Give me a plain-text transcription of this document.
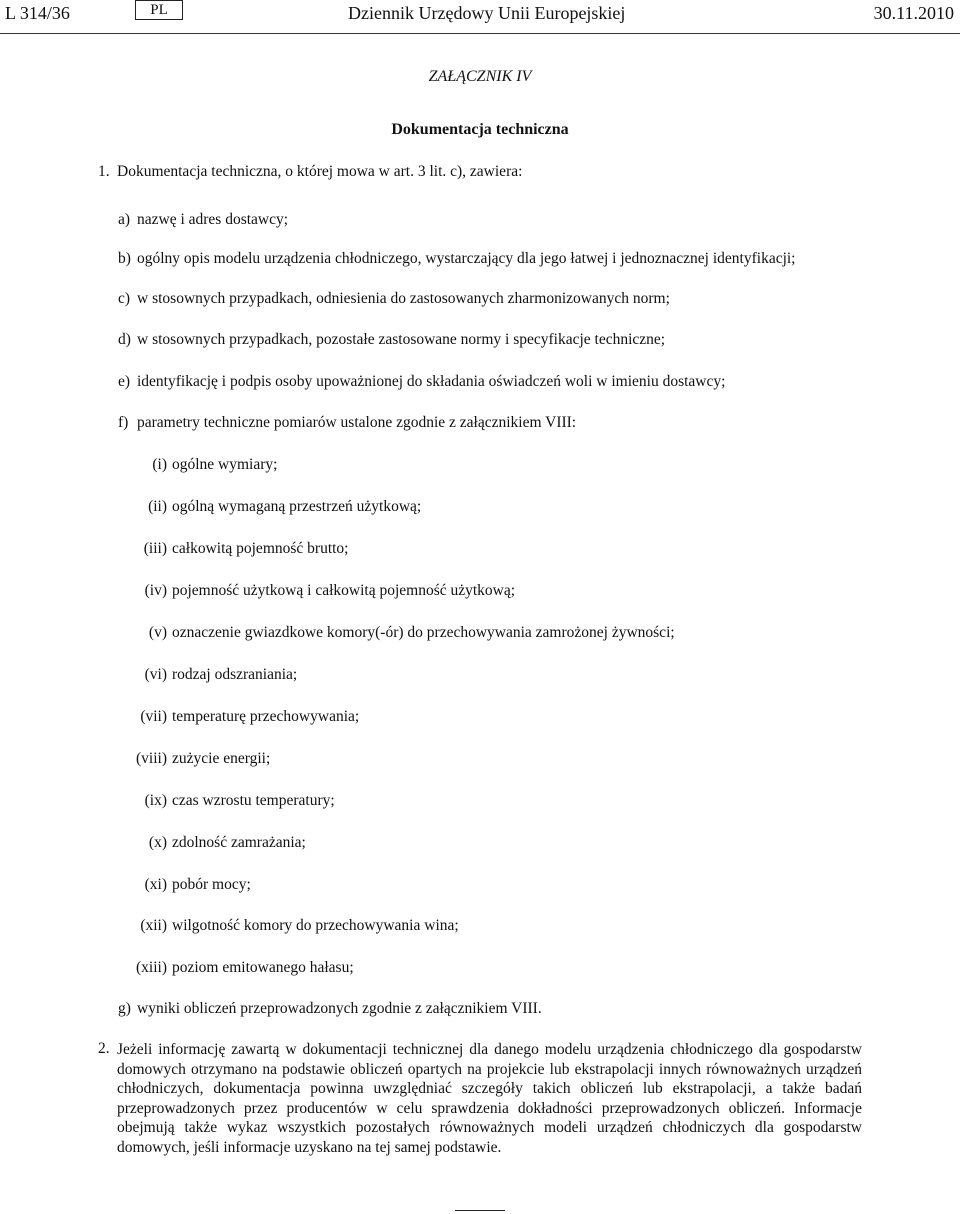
L 314/36	PL	Dziennik Urzędowy Unii Europejskiej	30.11.2010
ZAŁĄCZNIK IV
Dokumentacja techniczna
1. Dokumentacja techniczna, o której mowa w art. 3 lit. c), zawiera:
a) nazwę i adres dostawcy;
b) ogólny opis modelu urządzenia chłodniczego, wystarczający dla jego łatwej i jednoznacznej identyfikacji;
c) w stosownych przypadkach, odniesienia do zastosowanych zharmonizowanych norm;
d) w stosownych przypadkach, pozostałe zastosowane normy i specyfikacje techniczne;
e) identyfikację i podpis osoby upoważnionej do składania oświadczeń woli w imieniu dostawcy;
f) parametry techniczne pomiarów ustalone zgodnie z załącznikiem VIII:
(i) ogólne wymiary;
(ii) ogólną wymaganą przestrzeń użytkową;
(iii) całkowitą pojemność brutto;
(iv) pojemność użytkową i całkowitą pojemność użytkową;
(v) oznaczenie gwiazdkowe komory(-ór) do przechowywania zamrożonej żywności;
(vi) rodzaj odszraniania;
(vii) temperaturę przechowywania;
(viii) zużycie energii;
(ix) czas wzrostu temperatury;
(x) zdolność zamrażania;
(xi) pobór mocy;
(xii) wilgotność komory do przechowywania wina;
(xiii) poziom emitowanego hałasu;
g) wyniki obliczeń przeprowadzonych zgodnie z załącznikiem VIII.
2. Jeżeli informację zawartą w dokumentacji technicznej dla danego modelu urządzenia chłodniczego dla gospodarstw domowych otrzymano na podstawie obliczeń opartych na projekcie lub ekstrapolacji innych równoważnych urządzeń chłodniczych, dokumentacja powinna uwzględniać szczegóły takich obliczeń lub ekstrapolacji, a także badań przeprowadzonych przez producentów w celu sprawdzenia dokładności przeprowadzonych obliczeń. Informacje obejmują także wykaz wszystkich pozostałych równoważnych modeli urządzeń chłodniczych dla gospodarstw domowych, jeśli informacje uzyskano na tej samej podstawie.
